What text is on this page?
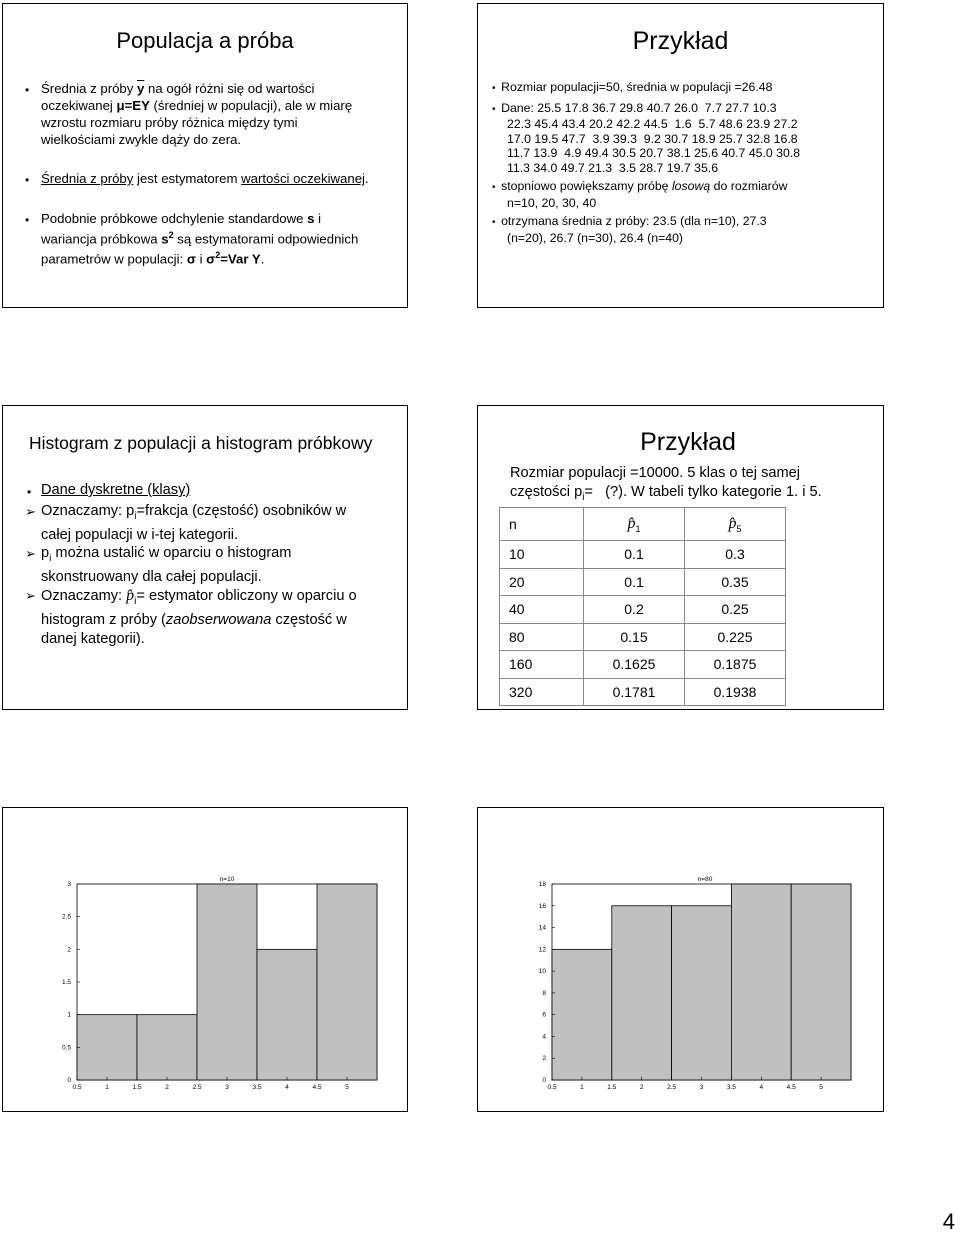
Populacja a próba
• Średnia z próby $\overline{y}$ na ogół różni się od wartości
oczekiwanej μ=EY (średniej w populacji), ale w miarę
wzrostu rozmiaru próby różnica między tymi
wielkościami zwykle dąży do zera.
• Średnia z próby jest estymatorem wartości oczekiwanej.
• Podobnie próbkowe odchylenie standardowe s i
wariancja próbkowa $s^2$ są estymatorami odpowiednich
parametrów w populacji: σ i $\sigma^2=Var$ Y.
Przykład
•  Rozmiar populacji=50, średnia w populacji =26.48
•  Dane: 25.5 17.8 36.7 29.8 40.7 26.0  7.7 27.7 10.3
22.3 45.4 43.4 20.2 42.2 44.5  1.6  5.7 48.6 23.9 27.2
17.0 19.5 47.7  3.9 39.3  9.2 30.7 18.9 25.7 32.8 16.8
11.7 13.9  4.9 49.4 30.5 20.7 38.1 25.6 40.7 45.0 30.8
11.3 34.0 49.7 21.3  3.5 28.7 19.7 35.6
•  stopniowo powiększamy próbę losową do rozmiarów
n=10, 20, 30, 40
•  otrzymana średnia z próby: 23.5 (dla n=10), 27.3
(n=20), 26.7 (n=30), 26.4 (n=40)
Histogram z populacji a histogram próbkowy
• Dane dyskretne (klasy)
➢ Oznaczamy: $p_i=frakcja$ (częstość) osobników w
całej populacji w i-tej kategorii.
➢ $p_i$ można ustalić w oparciu o histogram
skonstruowany dla całej populacji.
➢ Oznaczamy: $p̂_i=$ estymator obliczony w oparciu o
histogram z próby (zaobserwowana częstość w
danej kategorii).
Przykład
Rozmiar populacji =10000. 5 klas o tej samej
częstości $p_i=$   (?). W tabeli tylko kategorie 1. i 5.
n	$p̂_1$	$p̂_5$
10	0.1	0.3
20	0.1	0.35
40	0.2	0.25
80	0.15	0.225
160	0.1625	0.1875
320	0.1781	0.1938
0.5	1	1.5	2	2.5	3	3.5	4	4.5	5
0
0.5
1
1.5
2
2.5
3
n=10
0.5	1	1.5	2	2.5	3	3.5	4	4.5	5
0
2
4
6
8
10
12
14
16
18
n=80
4
